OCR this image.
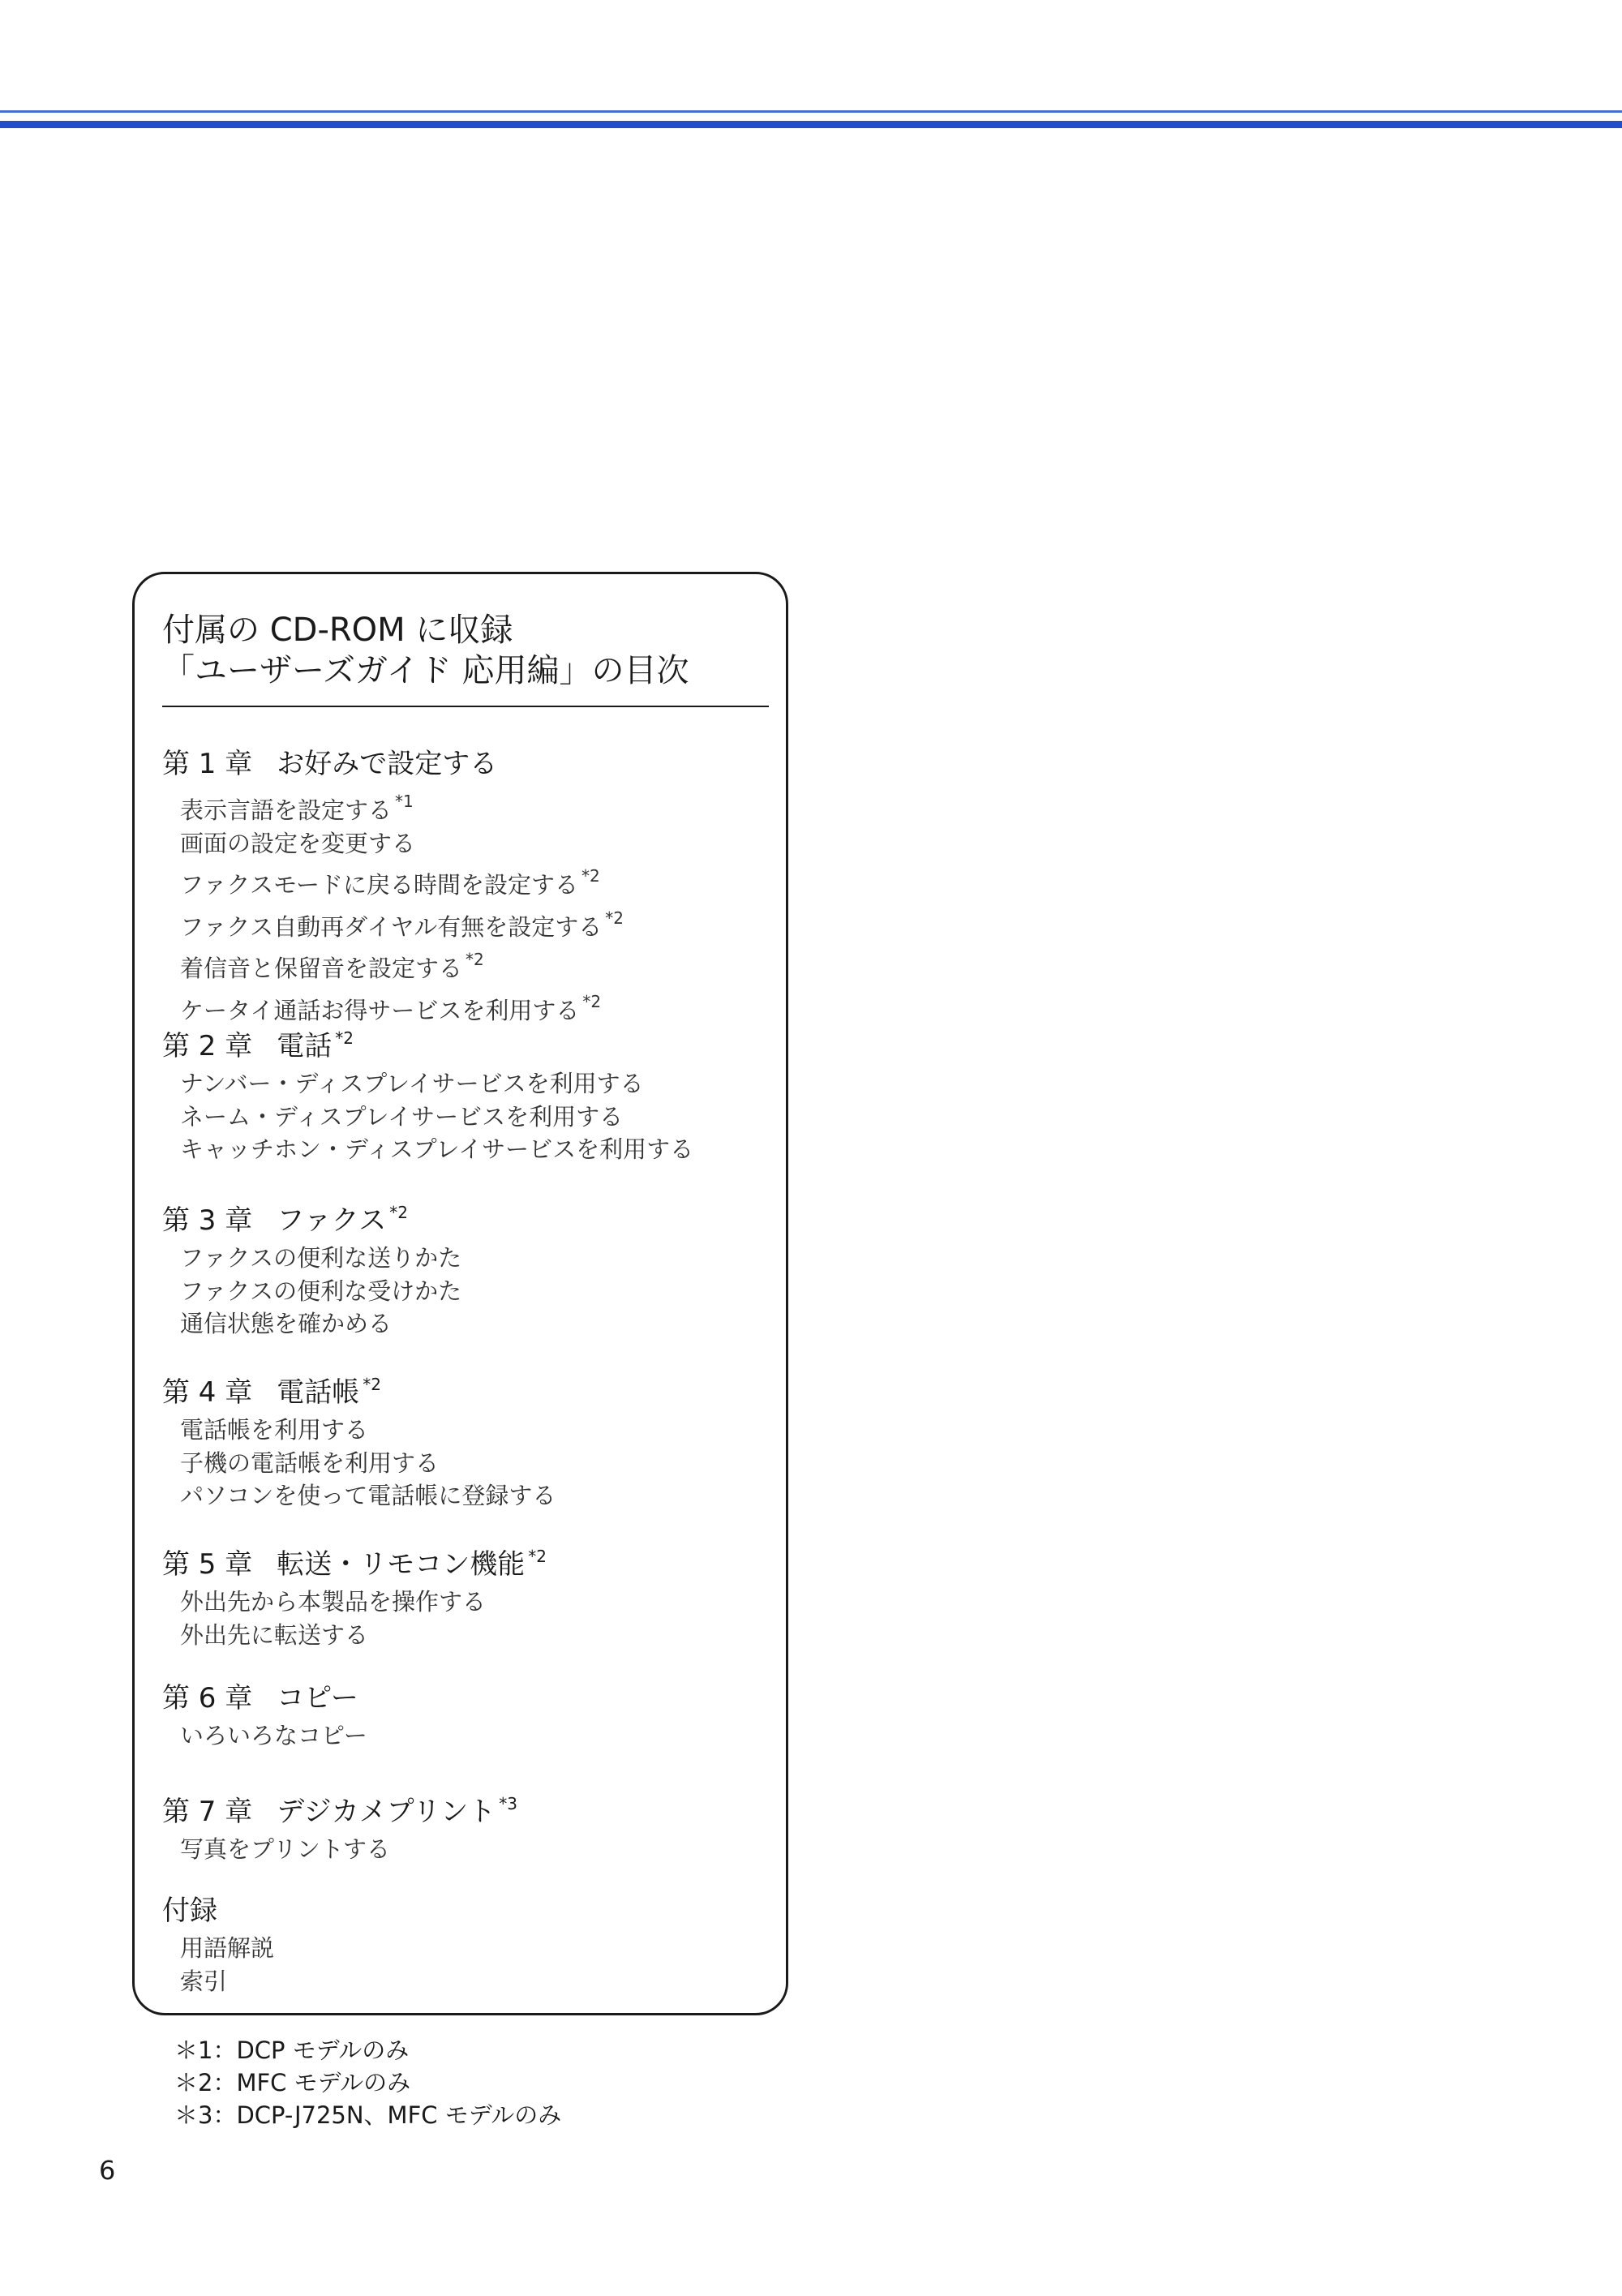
付属の CD-ROM に収録
「ユーザーズガイド 応用編」の目次
第 1 章 お好みで設定する
表示言語を設定する $^{*1}$
画面の設定を変更する
ファクスモードに戻る時間を設定する $^{*2}$
ファクス自動再ダイヤル有無を設定する $^{*2}$
着信音と保留音を設定する $^{*2}$
ケータイ通話お得サービスを利用する $^{*2}$
第 2 章 電話 $^{*2}$
ナンバー・ディスプレイサービスを利用する
ネーム・ディスプレイサービスを利用する
キャッチホン・ディスプレイサービスを利用する
第 3 章 ファクス $^{*2}$
ファクスの便利な送りかた
ファクスの便利な受けかた
通信状態を確かめる
第 4 章 電話帳 $^{*2}$
電話帳を利用する
子機の電話帳を利用する
パソコンを使って電話帳に登録する
第 5 章 転送・リモコン機能 $^{*2}$
外出先から本製品を操作する
外出先に転送する
第 6 章 コピー
いろいろなコピー
第 7 章 デジカメプリント $^{*3}$
写真をプリントする
付録
用語解説
索引
＊1：DCP モデルのみ
＊2：MFC モデルのみ
＊3：DCP-J725N、MFC モデルのみ
6
